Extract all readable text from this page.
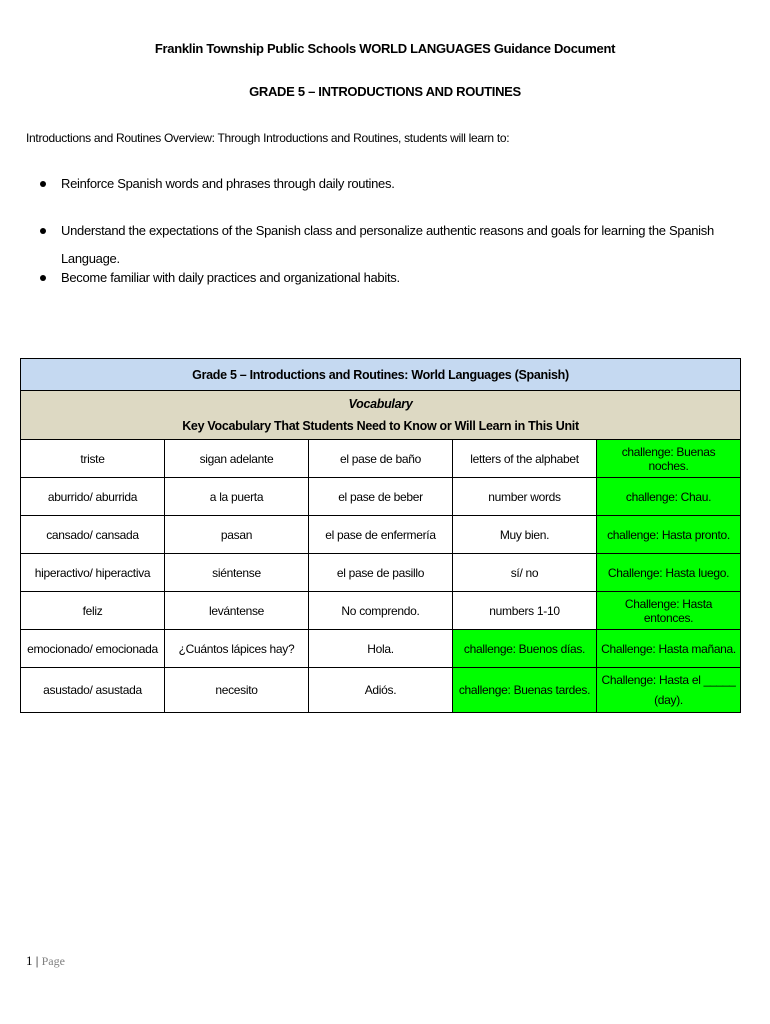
Franklin Township Public Schools WORLD LANGUAGES Guidance Document
GRADE 5 – INTRODUCTIONS AND ROUTINES
Introductions and Routines Overview: Through Introductions and Routines, students will learn to:
Reinforce Spanish words and phrases through daily routines.
Understand the expectations of the Spanish class and personalize authentic reasons and goals for learning the Spanish Language.
Become familiar with daily practices and organizational habits.
Grade 5 – Introductions and Routines: World Languages (Spanish)				

Vocabulary
Key Vocabulary That Students Need to Know or Will Learn in This Unit				
triste	sigan adelante	el pase de baño	letters of the alphabet	challenge: Buenas noches.
aburrido/ aburrida	a la puerta	el pase de beber	number words	challenge: Chau.
cansado/ cansada	pasan	el pase de enfermería	Muy bien.	challenge: Hasta pronto.
hiperactivo/ hiperactiva	siéntense	el pase de pasillo	sí/ no	Challenge: Hasta luego.
feliz	levántense	No comprendo.	numbers 1-10	Challenge: Hasta entonces.
emocionado/ emocionada	¿Cuántos lápices hay?	Hola.	challenge: Buenos días.	Challenge: Hasta mañana.
asustado/ asustada	necesito	Adiós.	challenge: Buenas tardes.	Challenge: Hasta el _____ (day).
1 | Page
